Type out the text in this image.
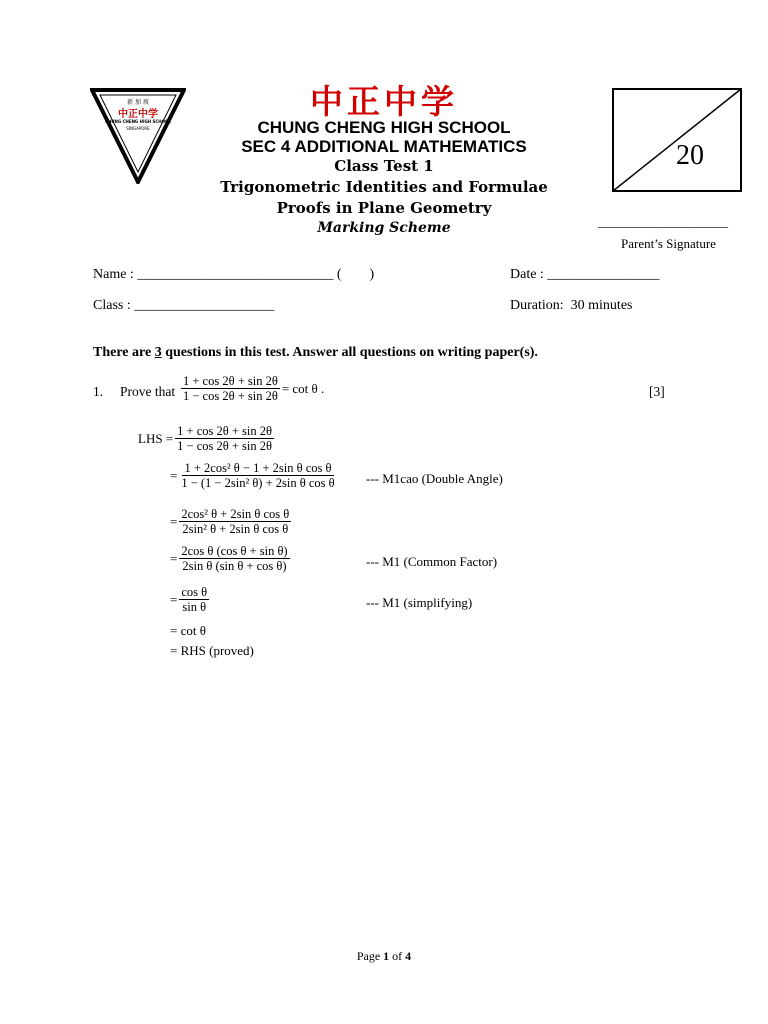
新 加 坡
中正中学
CHUNG CHENG HIGH SCHOOL
SINGAPORE
中正中学
CHUNG CHENG HIGH SCHOOL
SEC 4 ADDITIONAL MATHEMATICS
Class Test 1
Trigonometric Identities and Formulae
Proofs in Plane Geometry
Marking Scheme
20
____________________
Parent’s Signature
Name : ____________________________ (        )	Date : ________________
Class : ____________________	Duration:  30 minutes
There are 3 questions in this test. Answer all questions on writing paper(s).
1. Prove that $\frac{1 + \cos 2\theta + \sin 2\theta}{1 - \cos 2\theta + \sin 2\theta} = \cot \theta$ .	[3]
LHS = $\frac{1 + \cos 2\theta + \sin 2\theta}{1 - \cos 2\theta + \sin 2\theta}$
= $\frac{\text{1 + 2cos² θ − 1 + 2sin θ cos θ}}{\text{1 − (1 − 2sin² θ) + 2sin θ cos θ}}$ --- M1cao (Double Angle)
= $\frac{\text{2cos² θ + 2sin θ cos θ}}{\text{2sin² θ + 2sin θ cos θ}}$
= $\frac{\text{2cos θ (cos θ + sin θ)}}{\text{2sin θ (sin θ + cos θ)}}$	--- M1 (Common Factor)
= $\frac{\text{cos θ}}{\text{sin θ}}$	--- M1 (simplifying)
= cot θ
= RHS (proved)
Page 1 of 4
